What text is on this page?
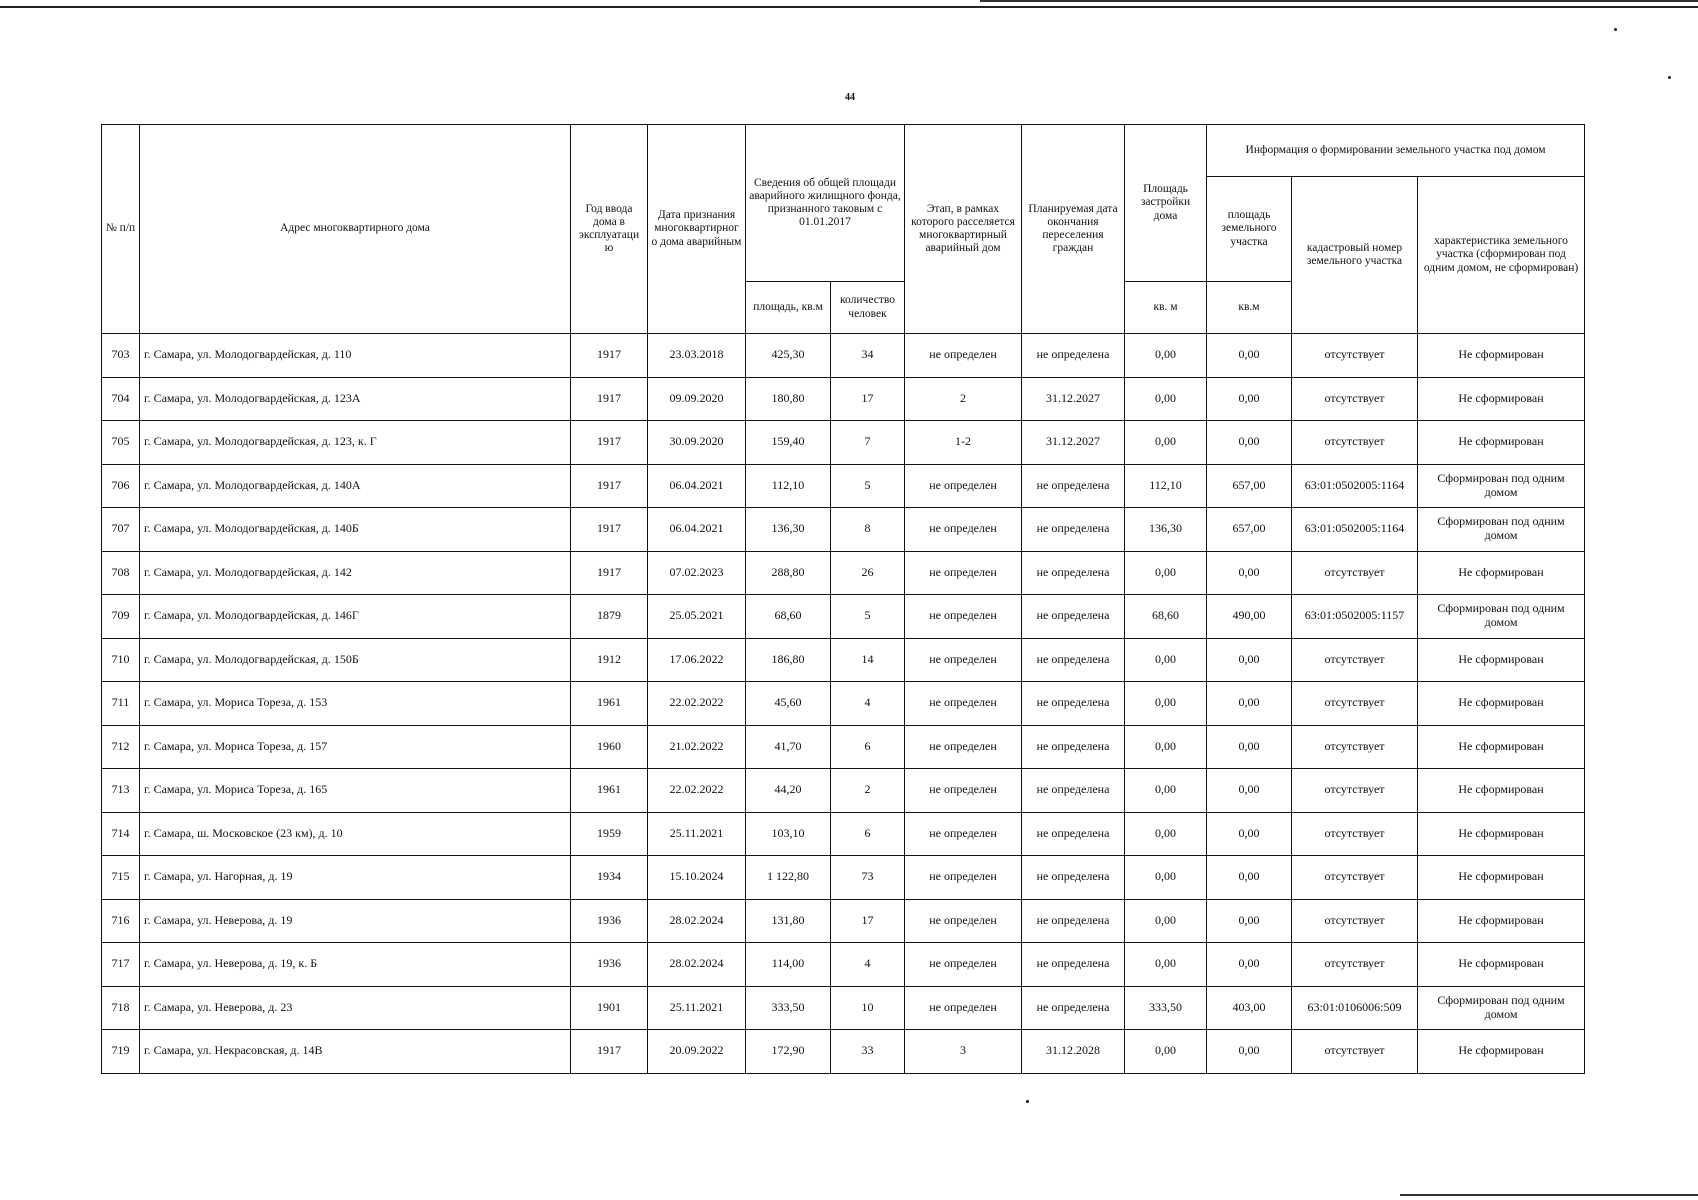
44
№ п/п	Адрес многоквартирного дома	Год ввода дома в эксплуатаци ю	Дата признания многоквартирног о дома аварийным	Сведения об общей площади аварийного жилищного фонда, признанного таковым с 01.01.2017		Этап, в рамках которого расселяется многоквартирный аварийный дом	Планируемая дата окончания переселения граждан	Площадь застройки дома	Информация о формировании земельного участка под домом		
									площадь земельного участка	кадастровый номер земельного участка	характеристика земельного участка (сформирован под одним домом, не сформирован)
				площадь, кв.м	количество человек			кв. м	кв.м		
703	г. Самара, ул. Молодогвардейская, д. 110	1917	23.03.2018	425,30	34	не определен	не определена	0,00	0,00	отсутствует	Не сформирован
704	г. Самара, ул. Молодогвардейская, д. 123А	1917	09.09.2020	180,80	17	2	31.12.2027	0,00	0,00	отсутствует	Не сформирован
705	г. Самара, ул. Молодогвардейская, д. 123, к. Г	1917	30.09.2020	159,40	7	1-2	31.12.2027	0,00	0,00	отсутствует	Не сформирован
706	г. Самара, ул. Молодогвардейская, д. 140А	1917	06.04.2021	112,10	5	не определен	не определена	112,10	657,00	63:01:0502005:1164	Сформирован под одним домом
707	г. Самара, ул. Молодогвардейская, д. 140Б	1917	06.04.2021	136,30	8	не определен	не определена	136,30	657,00	63:01:0502005:1164	Сформирован под одним домом
708	г. Самара, ул. Молодогвардейская, д. 142	1917	07.02.2023	288,80	26	не определен	не определена	0,00	0,00	отсутствует	Не сформирован
709	г. Самара, ул. Молодогвардейская, д. 146Г	1879	25.05.2021	68,60	5	не определен	не определена	68,60	490,00	63:01:0502005:1157	Сформирован под одним домом
710	г. Самара, ул. Молодогвардейская, д. 150Б	1912	17.06.2022	186,80	14	не определен	не определена	0,00	0,00	отсутствует	Не сформирован
711	г. Самара, ул. Мориса Тореза, д. 153	1961	22.02.2022	45,60	4	не определен	не определена	0,00	0,00	отсутствует	Не сформирован
712	г. Самара, ул. Мориса Тореза, д. 157	1960	21.02.2022	41,70	6	не определен	не определена	0,00	0,00	отсутствует	Не сформирован
713	г. Самара, ул. Мориса Тореза, д. 165	1961	22.02.2022	44,20	2	не определен	не определена	0,00	0,00	отсутствует	Не сформирован
714	г. Самара, ш. Московское (23 км), д. 10	1959	25.11.2021	103,10	6	не определен	не определена	0,00	0,00	отсутствует	Не сформирован
715	г. Самара, ул. Нагорная, д. 19	1934	15.10.2024	1 122,80	73	не определен	не определена	0,00	0,00	отсутствует	Не сформирован
716	г. Самара, ул. Неверова, д. 19	1936	28.02.2024	131,80	17	не определен	не определена	0,00	0,00	отсутствует	Не сформирован
717	г. Самара, ул. Неверова, д. 19, к. Б	1936	28.02.2024	114,00	4	не определен	не определена	0,00	0,00	отсутствует	Не сформирован
718	г. Самара, ул. Неверова, д. 23	1901	25.11.2021	333,50	10	не определен	не определена	333,50	403,00	63:01:0106006:509	Сформирован под одним домом
719	г. Самара, ул. Некрасовская, д. 14В	1917	20.09.2022	172,90	33	3	31.12.2028	0,00	0,00	отсутствует	Не сформирован
